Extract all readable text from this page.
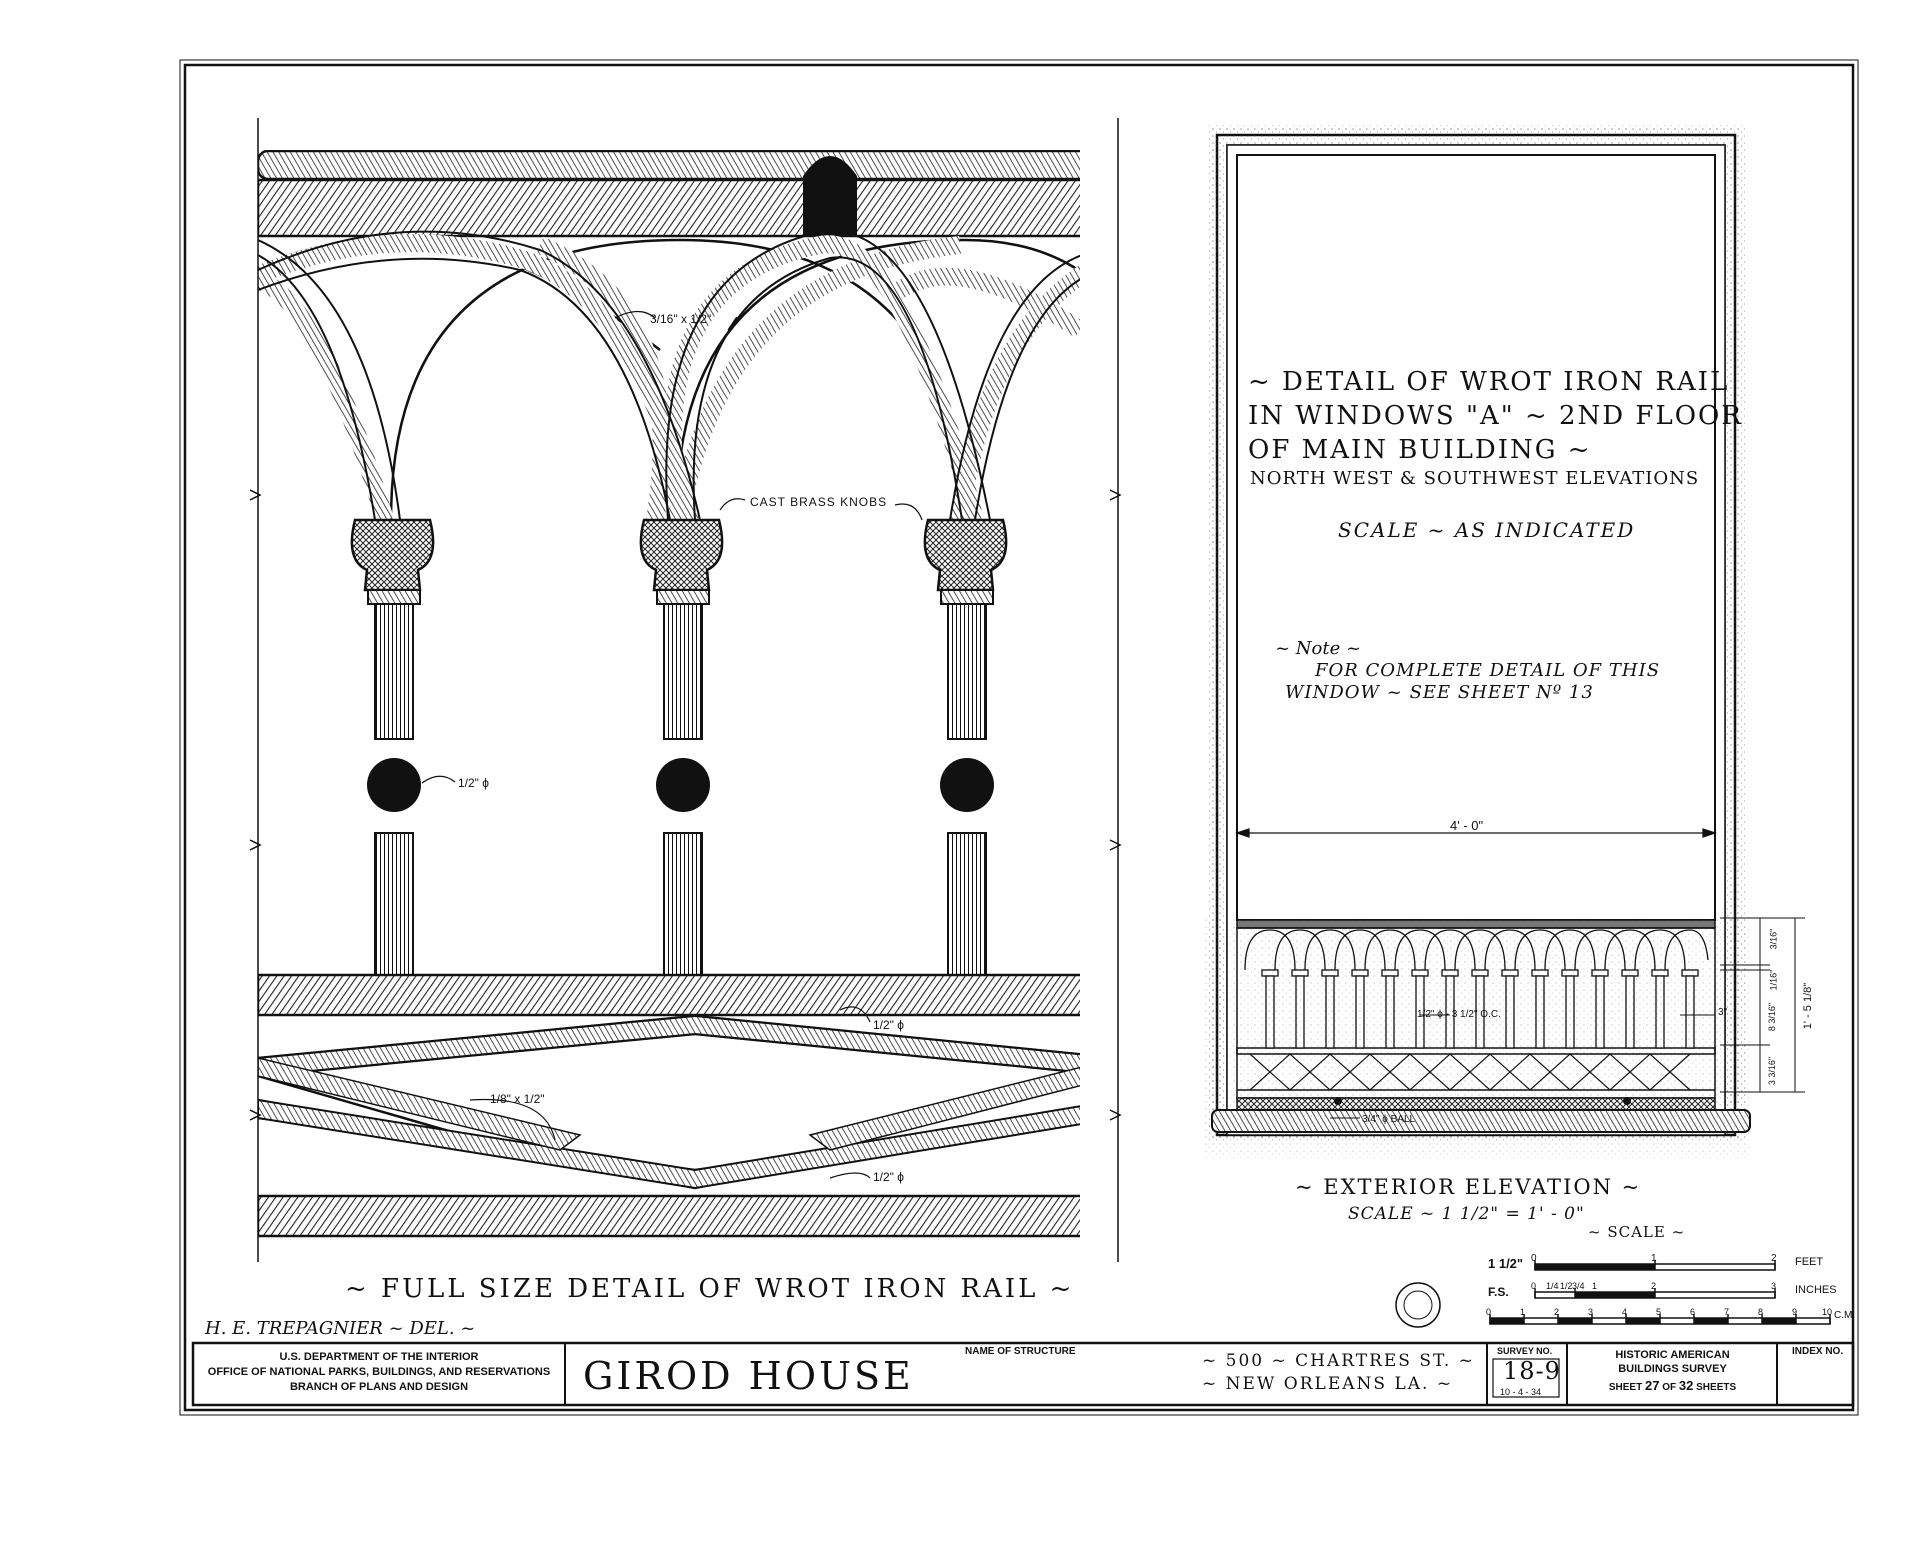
3/16" x 1/2"
CAST BRASS KNOBS
1/2" ϕ
1/2" ϕ
1/8" x 1/2"
1/2" ϕ
~ FULL SIZE DETAIL OF WROT IRON RAIL ~
H. E. TREPAGNIER ~ DEL. ~
~ DETAIL OF WROT IRON RAIL
IN WINDOWS "A" ~ 2ND FLOOR
OF MAIN BUILDING ~
NORTH WEST & SOUTHWEST ELEVATIONS
SCALE ~ AS INDICATED
~ Note ~
FOR COMPLETE DETAIL OF THIS
WINDOW ~ SEE SHEET Nº 13
4' - 0"
1/2" ϕ - 3 1/2" O.C.	3"
3/4" ϕ BALL
3/16"
1/16"
8 3/16"
3 3/16"
1' - 5 1/8"
~ EXTERIOR ELEVATION ~
SCALE ~ 1 1/2" = 1' - 0"
~ SCALE ~
1 1/2" 0	1	2 FEET
F.S. 0 1/4 1/2 3/4 1	2	3 INCHES
0	1	2	3	4	5	6	7	8	9	10 C.M.
U.S. DEPARTMENT OF THE INTERIOR
OFFICE OF NATIONAL PARKS, BUILDINGS, AND RESERVATIONS
BRANCH OF PLANS AND DESIGN
NAME OF STRUCTURE
GIROD HOUSE	~ 500 ~ CHARTRES ST. ~
~ NEW ORLEANS LA. ~
SURVEY NO.
18-9
10 - 4 - 34
HISTORIC AMERICAN
BUILDINGS SURVEY
SHEET 27 OF 32 SHEETS
INDEX NO.
